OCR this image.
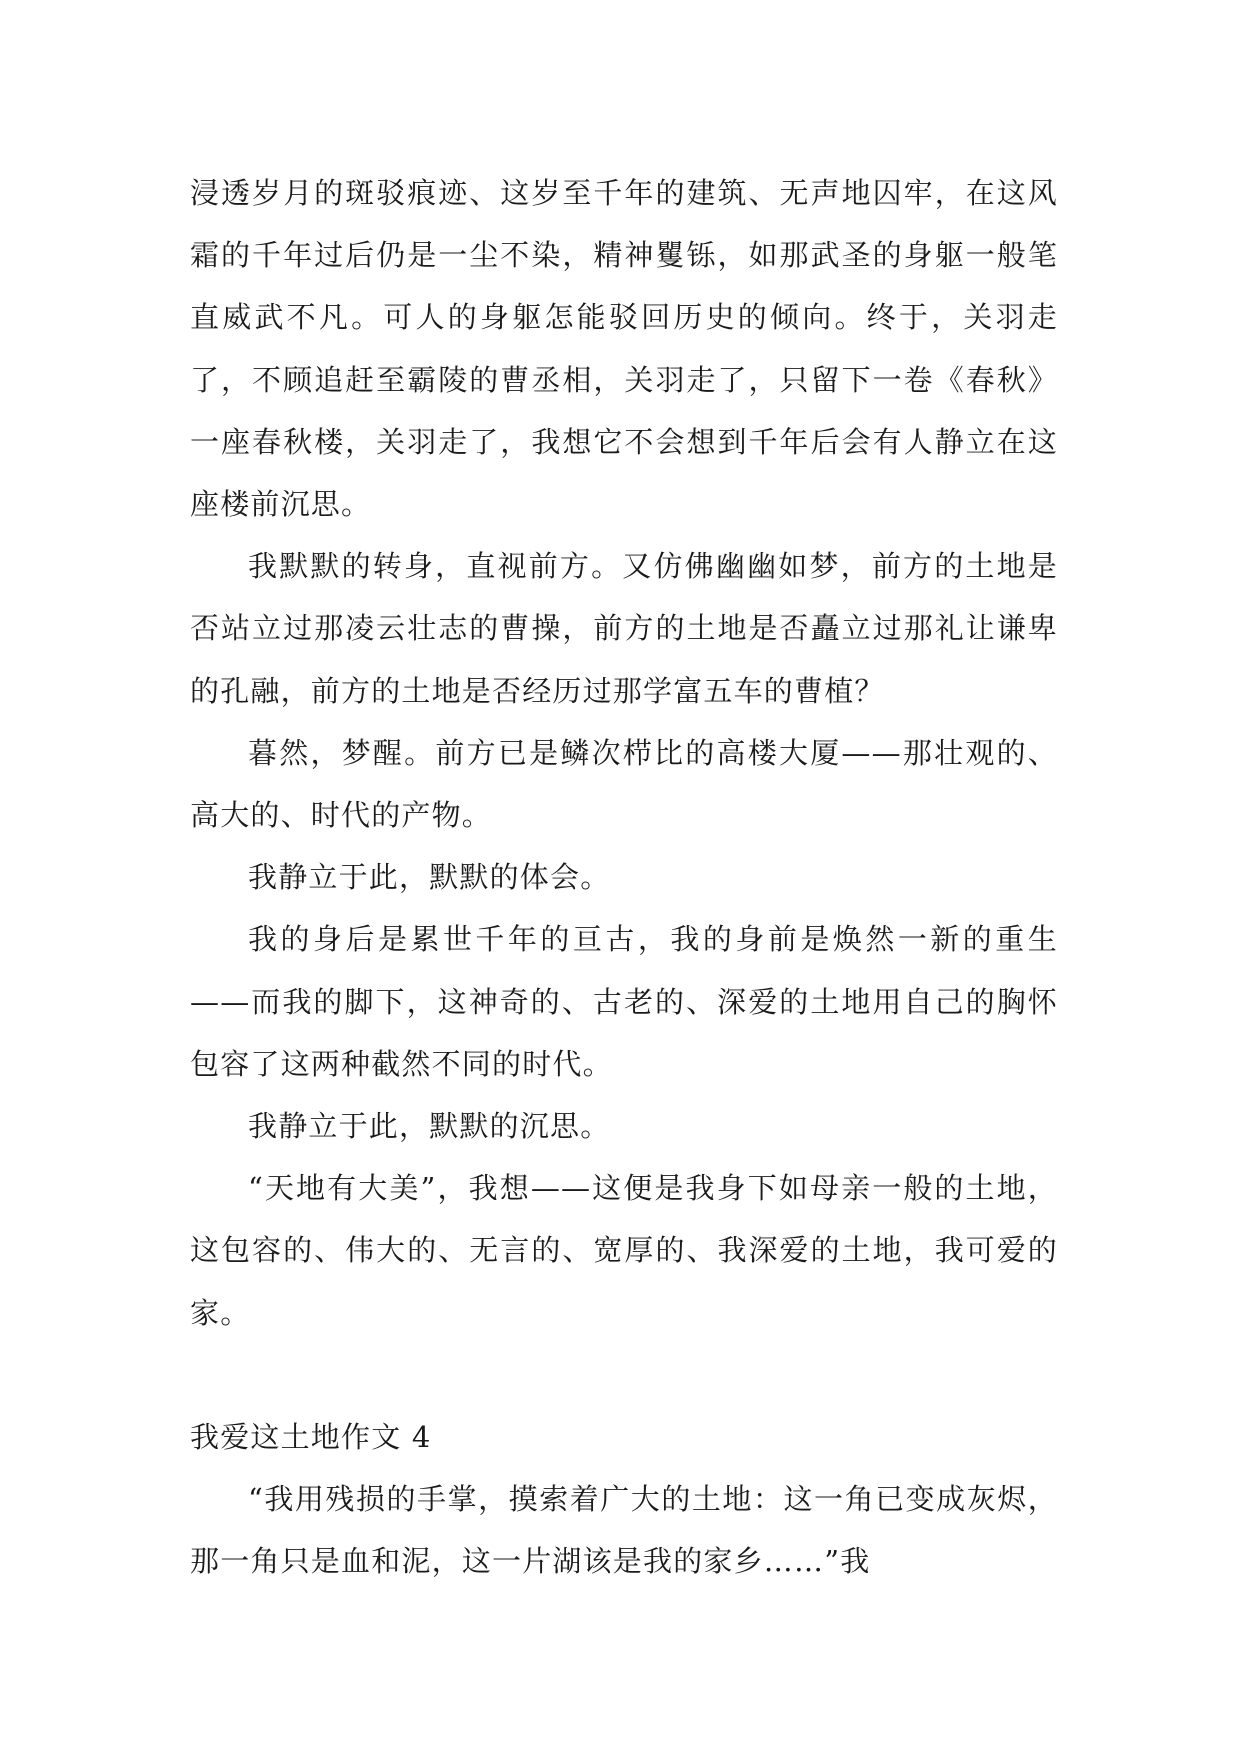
浸透岁月的斑驳痕迹、这岁至千年的建筑、无声地囚牢，在这风霜的千年过后仍是一尘不染，精神矍铄，如那武圣的身躯一般笔直威武不凡。可人的身躯怎能驳回历史的倾向。终于，关羽走了，不顾追赶至霸陵的曹丞相，关羽走了，只留下一卷《春秋》一座春秋楼，关羽走了，我想它不会想到千年后会有人静立在这座楼前沉思。

我默默的转身，直视前方。又仿佛幽幽如梦，前方的土地是否站立过那凌云壮志的曹操，前方的土地是否矗立过那礼让谦卑的孔融，前方的土地是否经历过那学富五车的曹植？

暮然，梦醒。前方已是鳞次栉比的高楼大厦——那壮观的、高大的、时代的产物。

我静立于此，默默的体会。

我的身后是累世千年的亘古，我的身前是焕然一新的重生——而我的脚下，这神奇的、古老的、深爱的土地用自己的胸怀包容了这两种截然不同的时代。

我静立于此，默默的沉思。

“天地有大美”，我想——这便是我身下如母亲一般的土地，这包容的、伟大的、无言的、宽厚的、我深爱的土地，我可爱的家。

我爱这土地作文 4

“我用残损的手掌，摸索着广大的土地：这一角已变成灰烬，那一角只是血和泥，这一片湖该是我的家乡……”我
